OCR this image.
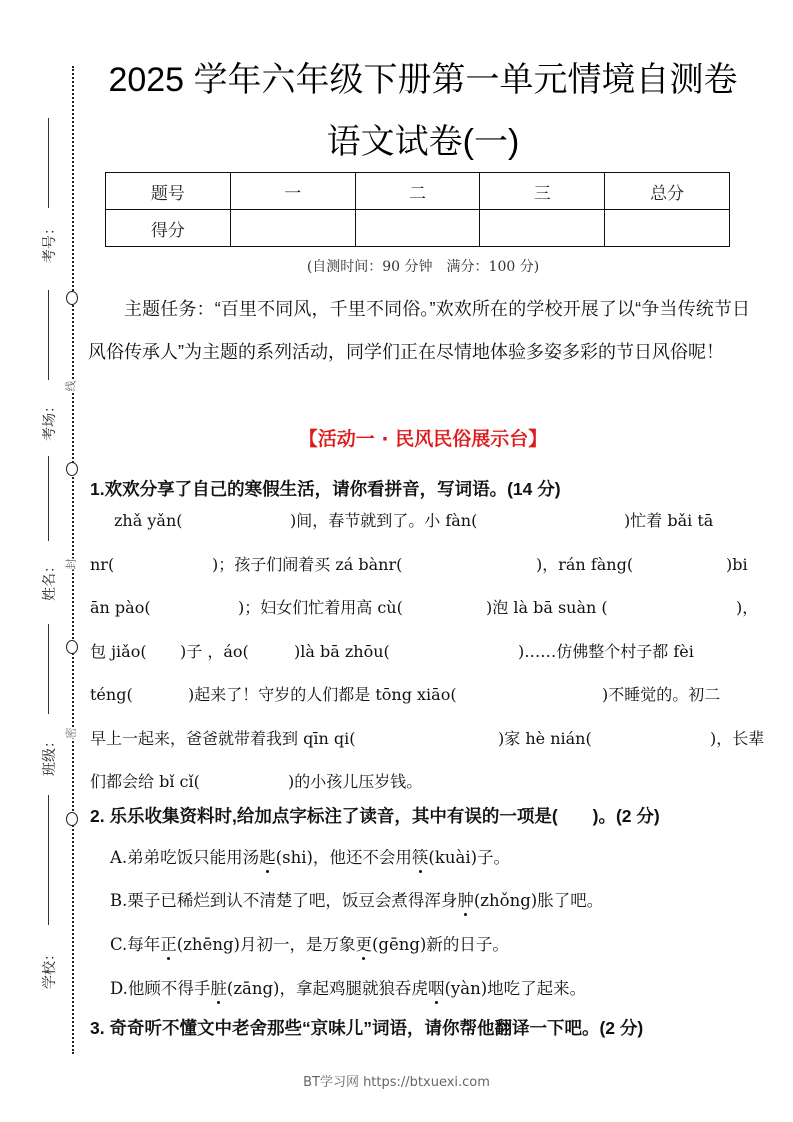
线
封
密
考号：
考场：
姓名：
班级：
学校：
2025 学年六年级下册第一单元情境自测卷
语文试卷(一)
题号	一	二	三	总分
得分				
(自测时间：90 分钟　满分：100 分)
主题任务：“百里不同风，千里不同俗。”欢欢所在的学校开展了以“争当传统节日风俗传承人”为主题的系列活动，同学们正在尽情地体验多姿多彩的节日风俗呢！
【活动一 · 民风民俗展示台】
1.欢欢分享了自己的寒假生活，请你看拼音，写词语。(14 分)
zhǎ yǎn(	)间，春节就到了。小 fàn(	)忙着 bǎi tā
nr(	)；孩子们闹着买 zá bànr(	)，rán fàng(	)bi
ān pào(	)；妇女们忙着用高 cù(	)泡 là bā suàn (	)，
包 jiǎo( )子 ，áo(	)là bā zhōu(	)……仿佛整个村子都 fèi
téng(	)起来了！守岁的人们都是 tōng xiāo(	)不睡觉的。初二
早上一起来，爸爸就带着我到 qīn qi(	)家 hè nián(	)，长辈
们都会给 bǐ cǐ(	)的小孩儿压岁钱。
2. 乐乐收集资料时,给加点字标注了读音，其中有误的一项是(　　)。(2 分)
A.弟弟吃饭只能用汤匙(shi)，他还不会用筷(kuài)子。
B.栗子已稀烂到认不清楚了吧，饭豆会煮得浑身肿(zhǒng)胀了吧。
C.每年正(zhēng)月初一，是万象更(gēng)新的日子。
D.他顾不得手脏(zāng)，拿起鸡腿就狼吞虎咽(yàn)地吃了起来。
3. 奇奇听不懂文中老舍那些“京味儿”词语，请你帮他翻译一下吧。(2 分)
BT学习网 https://btxuexi.com
